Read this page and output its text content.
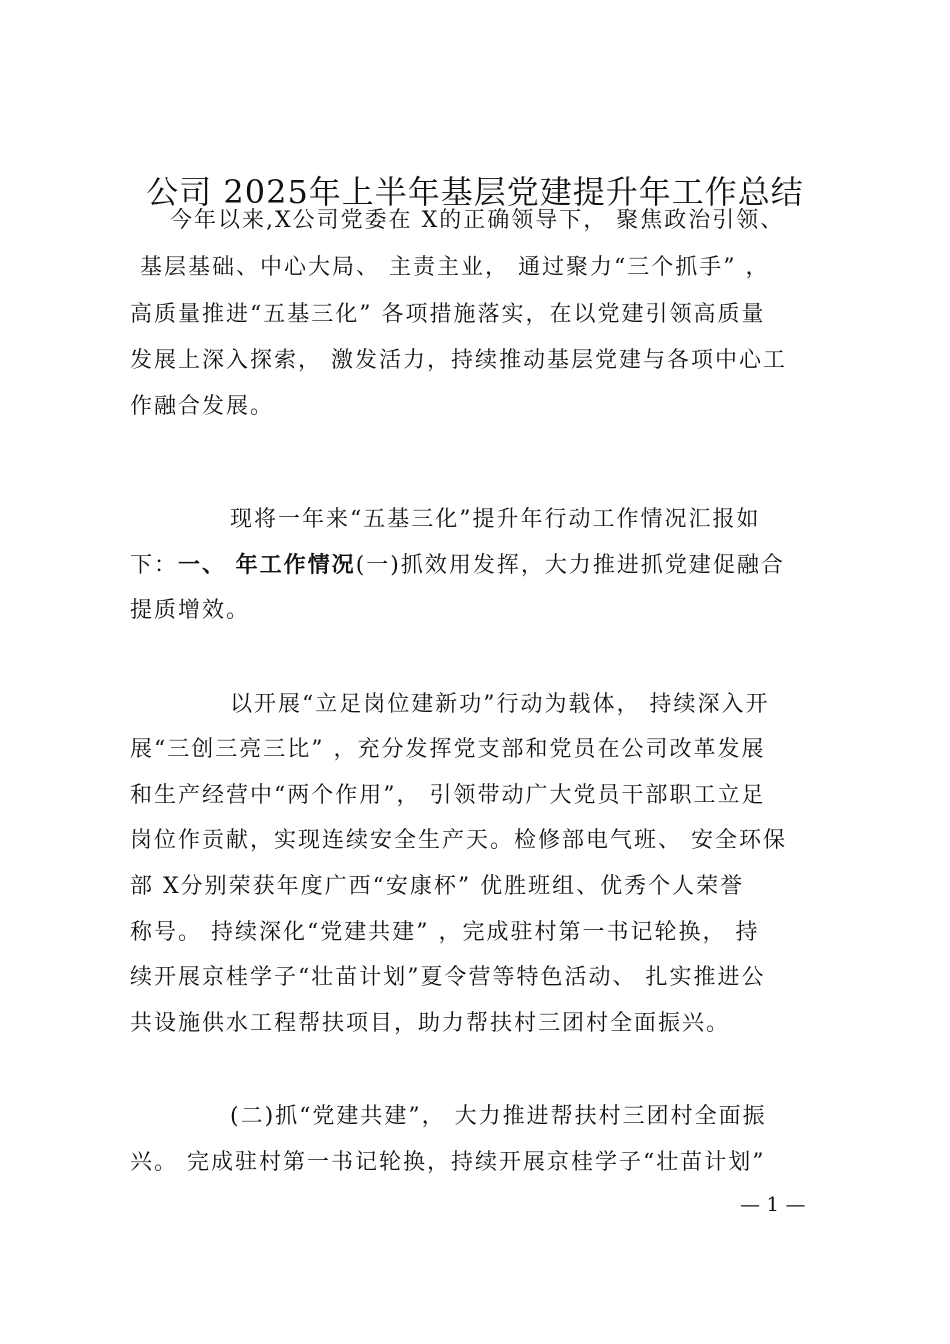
公司 2025年上半年基层党建提升年工作总结
今年以来,X公司党委在 X的正确领导下， 聚焦政治引领、
基层基础、中心大局、 主责主业， 通过聚力“三个抓手” ，
高质量推进“五基三化” 各项措施落实，在以党建引领高质量
发展上深入探索， 激发活力，持续推动基层党建与各项中心工
作融合发展。
现将一年来“五基三化”提升年行动工作情况汇报如
下：一、 年工作情况(一)抓效用发挥，大力推进抓党建促融合
提质增效。
以开展“立足岗位建新功”行动为载体， 持续深入开
展“三创三亮三比” ，充分发挥党支部和党员在公司改革发展
和生产经营中“两个作用”， 引领带动广大党员干部职工立足
岗位作贡献，实现连续安全生产天。检修部电气班、 安全环保
部 X分别荣获年度广西“安康杯” 优胜班组、优秀个人荣誉
称号。 持续深化“党建共建” ，完成驻村第一书记轮换， 持
续开展京桂学子“壮苗计划”夏令营等特色活动、 扎实推进公
共设施供水工程帮扶项目，助力帮扶村三团村全面振兴。
(二)抓“党建共建”， 大力推进帮扶村三团村全面振
兴。 完成驻村第一书记轮换，持续开展京桂学子“壮苗计划”
— 1 —
